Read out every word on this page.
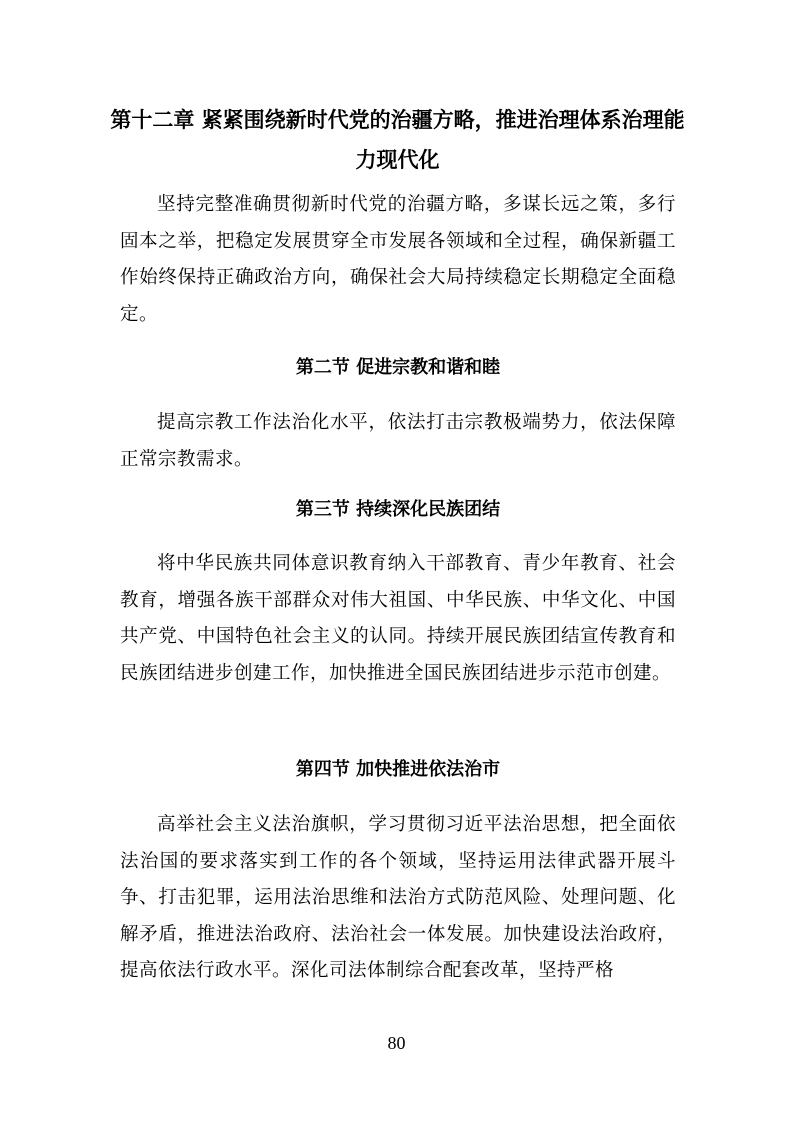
第十二章 紧紧围绕新时代党的治疆方略，推进治理体系治理能力现代化

坚持完整准确贯彻新时代党的治疆方略，多谋长远之策，多行固本之举，把稳定发展贯穿全市发展各领域和全过程，确保新疆工作始终保持正确政治方向，确保社会大局持续稳定长期稳定全面稳定。

第二节 促进宗教和谐和睦

提高宗教工作法治化水平，依法打击宗教极端势力，依法保障正常宗教需求。

第三节 持续深化民族团结

将中华民族共同体意识教育纳入干部教育、青少年教育、社会教育，增强各族干部群众对伟大祖国、中华民族、中华文化、中国共产党、中国特色社会主义的认同。持续开展民族团结宣传教育和民族团结进步创建工作，加快推进全国民族团结进步示范市创建。

第四节 加快推进依法治市

高举社会主义法治旗帜，学习贯彻习近平法治思想，把全面依法治国的要求落实到工作的各个领域，坚持运用法律武器开展斗争、打击犯罪，运用法治思维和法治方式防范风险、处理问题、化解矛盾，推进法治政府、法治社会一体发展。加快建设法治政府，提高依法行政水平。深化司法体制综合配套改革，坚持严格

80
